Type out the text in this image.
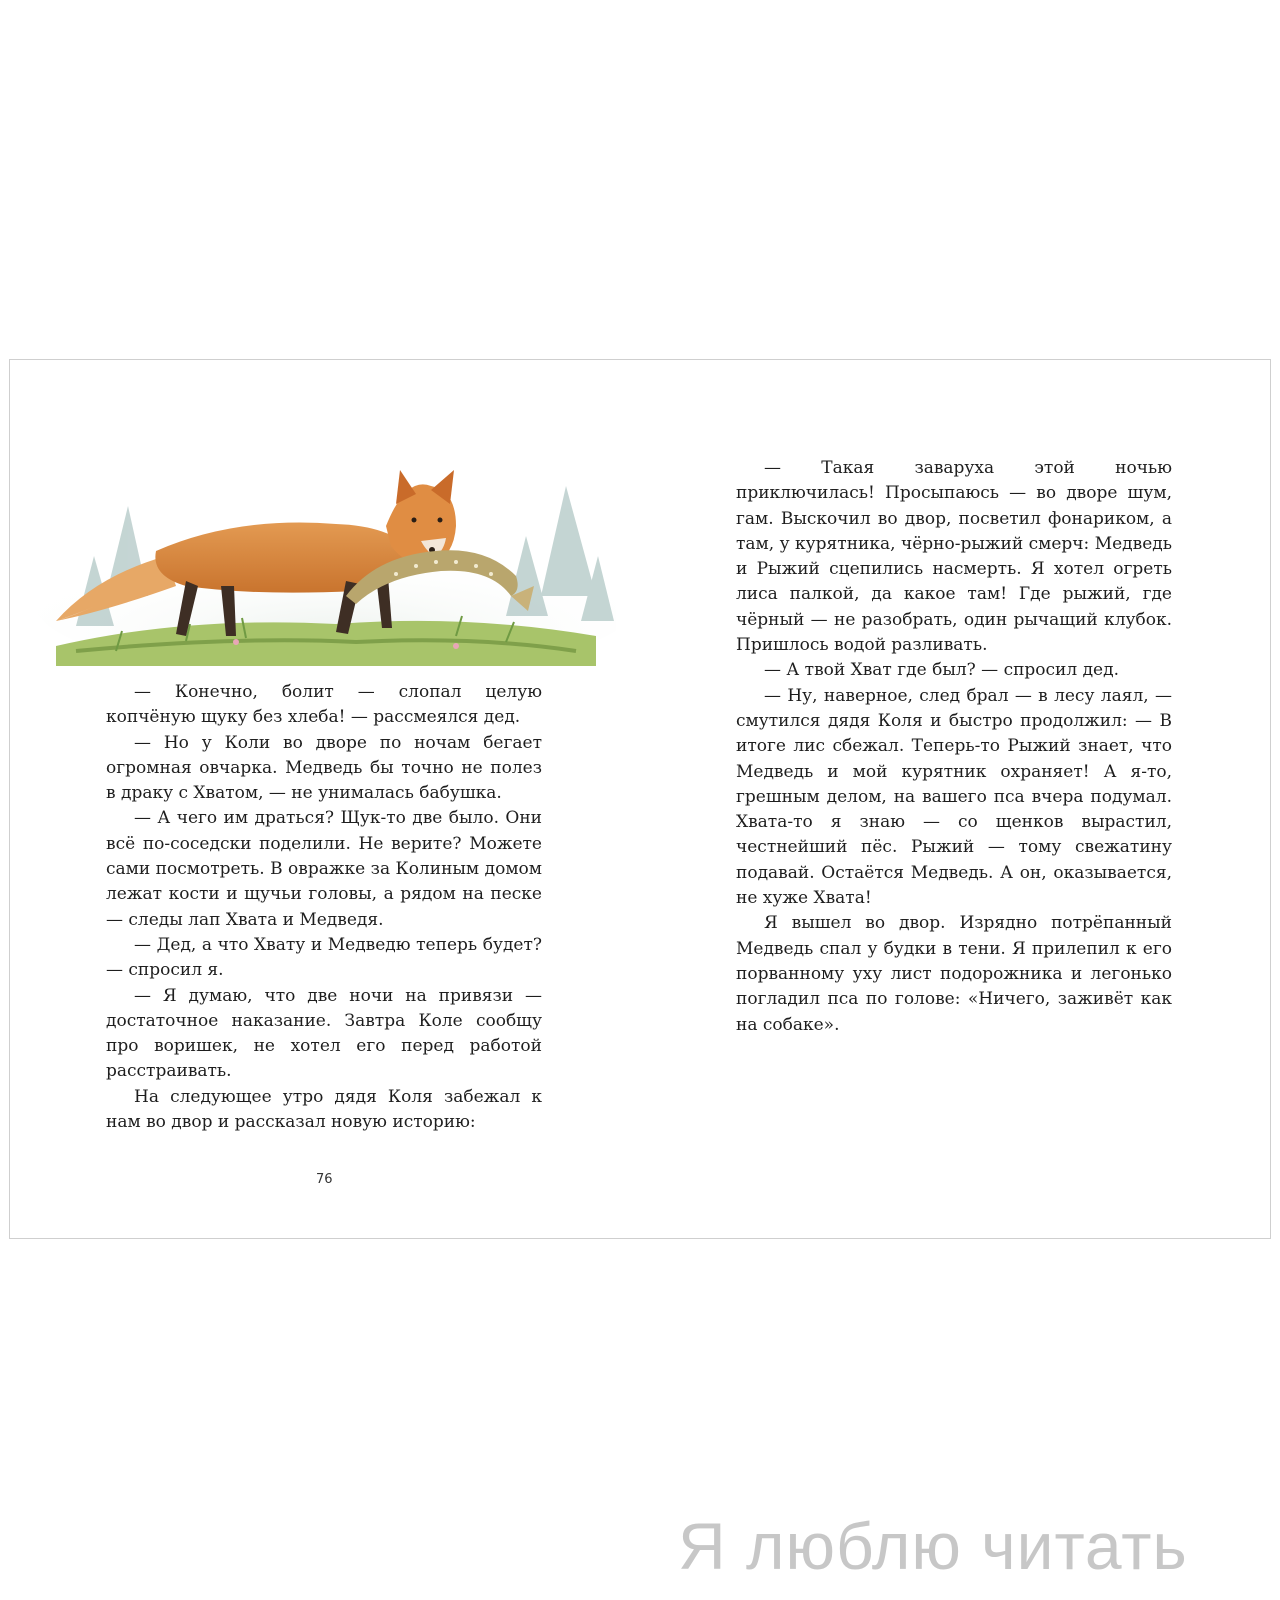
— Конечно, болит — слопал целую копчёную щуку без хлеба! — рассмеялся дед.

— Но у Коли во дворе по ночам бегает огромная овчарка. Медведь бы точно не полез в драку с Хватом, — не унималась бабушка.

— А чего им драться? Щук-то две было. Они всё по-соседски поделили. Не верите? Можете сами посмотреть. В овражке за Колиным домом лежат кости и щучьи головы, а рядом на песке — следы лап Хвата и Медведя.

— Дед, а что Хвату и Медведю теперь будет? — спросил я.

— Я думаю, что две ночи на привязи — достаточное наказание. Завтра Коле сообщу про воришек, не хотел его перед работой расстраивать.

На следующее утро дядя Коля забежал к нам во двор и рассказал новую историю:

76

— Такая заваруха этой ночью приключилась! Просыпаюсь — во дворе шум, гам. Выскочил во двор, посветил фонариком, а там, у курятника, чёрно-рыжий смерч: Медведь и Рыжий сцепились насмерть. Я хотел огреть лиса палкой, да какое там! Где рыжий, где чёрный — не разобрать, один рычащий клубок. Пришлось водой разливать.

— А твой Хват где был? — спросил дед.

— Ну, наверное, след брал — в лесу лаял, — смутился дядя Коля и быстро продолжил: — В итоге лис сбежал. Теперь-то Рыжий знает, что Медведь и мой курятник охраняет! А я-то, грешным делом, на вашего пса вчера подумал. Хвата-то я знаю — со щенков вырастил, честнейший пёс. Рыжий — тому свежатину подавай. Остаётся Медведь. А он, оказывается, не хуже Хвата!

Я вышел во двор. Изрядно потрёпанный Медведь спал у будки в тени. Я прилепил к его порванному уху лист подорожника и легонько погладил пса по голове: «Ничего, заживёт как на собаке».

Я люблю читать
